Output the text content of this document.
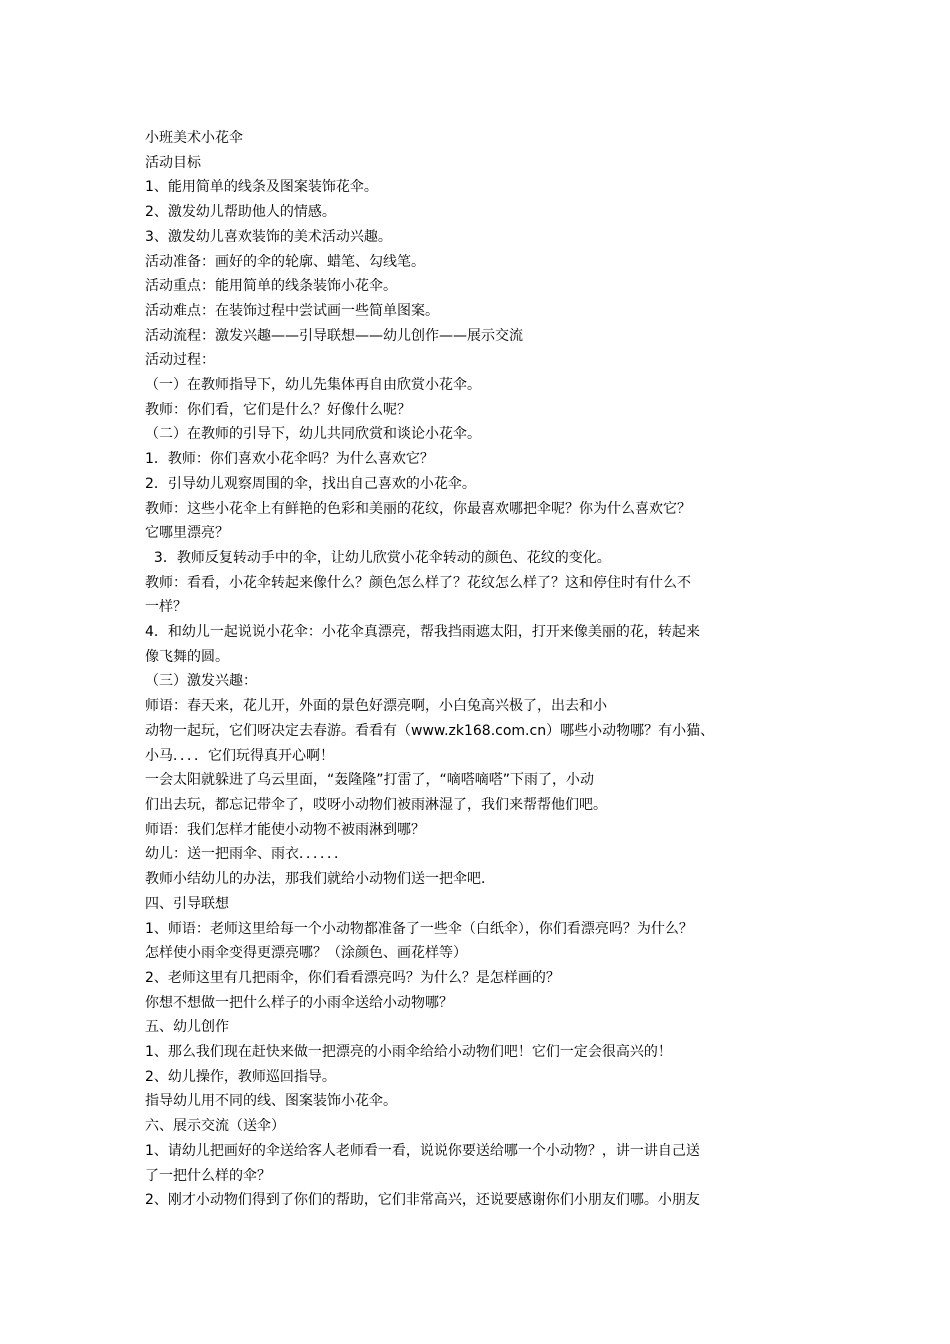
小班美术小花伞

活动目标

1、能用简单的线条及图案装饰花伞。

2、激发幼儿帮助他人的情感。

3、激发幼儿喜欢装饰的美术活动兴趣。

活动准备：画好的伞的轮廓、蜡笔、勾线笔。

活动重点：能用简单的线条装饰小花伞。

活动难点：在装饰过程中尝试画一些简单图案。

活动流程：激发兴趣——引导联想——幼儿创作——展示交流

活动过程：

（一）在教师指导下，幼儿先集体再自由欣赏小花伞。

教师：你们看，它们是什么？好像什么呢？

（二）在教师的引导下，幼儿共同欣赏和谈论小花伞。

1．教师：你们喜欢小花伞吗？为什么喜欢它？

2．引导幼儿观察周围的伞，找出自己喜欢的小花伞。

教师：这些小花伞上有鲜艳的色彩和美丽的花纹，你最喜欢哪把伞呢？你为什么喜欢它？

它哪里漂亮？

3．教师反复转动手中的伞，让幼儿欣赏小花伞转动的颜色、花纹的变化。

教师：看看，小花伞转起来像什么？颜色怎么样了？花纹怎么样了？这和停住时有什么不

一样？

4．和幼儿一起说说小花伞：小花伞真漂亮，帮我挡雨遮太阳，打开来像美丽的花，转起来

像飞舞的圆。

（三）激发兴趣：

师语：春天来，花儿开，外面的景色好漂亮啊，小白兔高兴极了，出去和小

动物一起玩，它们呀决定去春游。看看有（www.zk168.com.cn）哪些小动物哪？有小猫、

小马．．．．它们玩得真开心啊！

一会太阳就躲进了乌云里面，“轰隆隆”打雷了，“嘀嗒嘀嗒”下雨了，小动

们出去玩，都忘记带伞了，哎呀小动物们被雨淋湿了，我们来帮帮他们吧。

师语：我们怎样才能使小动物不被雨淋到哪？

幼儿：送一把雨伞、雨衣．．．．．．

教师小结幼儿的办法，那我们就给小动物们送一把伞吧．

四、引导联想

1、师语：老师这里给每一个小动物都准备了一些伞（白纸伞），你们看漂亮吗？为什么？

怎样使小雨伞变得更漂亮哪？（涂颜色、画花样等）

2、老师这里有几把雨伞，你们看看漂亮吗？为什么？是怎样画的？

你想不想做一把什么样子的小雨伞送给小动物哪？

五、幼儿创作

1、那么我们现在赶快来做一把漂亮的小雨伞给给小动物们吧！它们一定会很高兴的！

2、幼儿操作，教师巡回指导。

指导幼儿用不同的线、图案装饰小花伞。

六、展示交流（送伞）

1、请幼儿把画好的伞送给客人老师看一看，说说你要送给哪一个小动物？，讲一讲自己送

了一把什么样的伞？

2、刚才小动物们得到了你们的帮助，它们非常高兴，还说要感谢你们小朋友们哪。小朋友
